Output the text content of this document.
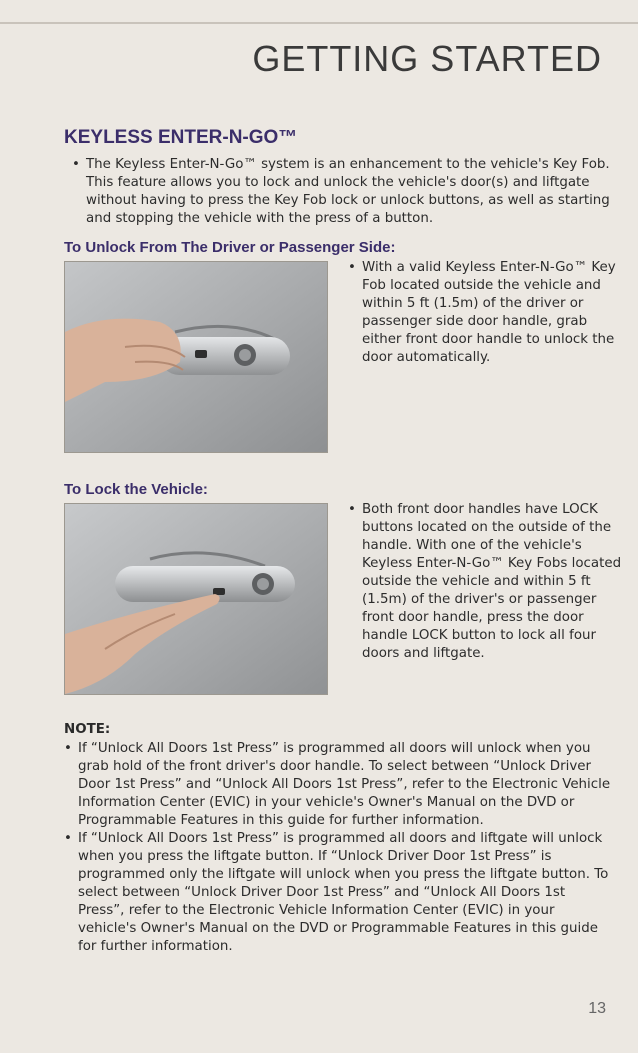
GETTING STARTED
KEYLESS ENTER-N-GO™
• The Keyless Enter-N-Go™ system is an enhancement to the vehicle's Key Fob. This feature allows you to lock and unlock the vehicle's door(s) and liftgate without having to press the Key Fob lock or unlock buttons, as well as starting and stopping the vehicle with the press of a button.
To Unlock From The Driver or Passenger Side:
• With a valid Keyless Enter-N-Go™ Key Fob located outside the vehicle and within 5 ft (1.5m) of the driver or passenger side door handle, grab either front door handle to unlock the door automatically.
To Lock the Vehicle:
• Both front door handles have LOCK buttons located on the outside of the handle. With one of the vehicle's Keyless Enter-N-Go™ Key Fobs located outside the vehicle and within 5 ft (1.5m) of the driver's or passenger front door handle, press the door handle LOCK button to lock all four doors and liftgate.
NOTE:
• If “Unlock All Doors 1st Press” is programmed all doors will unlock when you grab hold of the front driver's door handle. To select between “Unlock Driver Door 1st Press” and “Unlock All Doors 1st Press”, refer to the Electronic Vehicle Information Center (EVIC) in your vehicle's Owner's Manual on the DVD or Programmable Features in this guide for further information.
• If “Unlock All Doors 1st Press” is programmed all doors and liftgate will unlock when you press the liftgate button. If “Unlock Driver Door 1st Press” is programmed only the liftgate will unlock when you press the liftgate button. To select between “Unlock Driver Door 1st Press” and “Unlock All Doors 1st Press”, refer to the Electronic Vehicle Information Center (EVIC) in your vehicle's Owner's Manual on the DVD or Programmable Features in this guide for further information.
13
